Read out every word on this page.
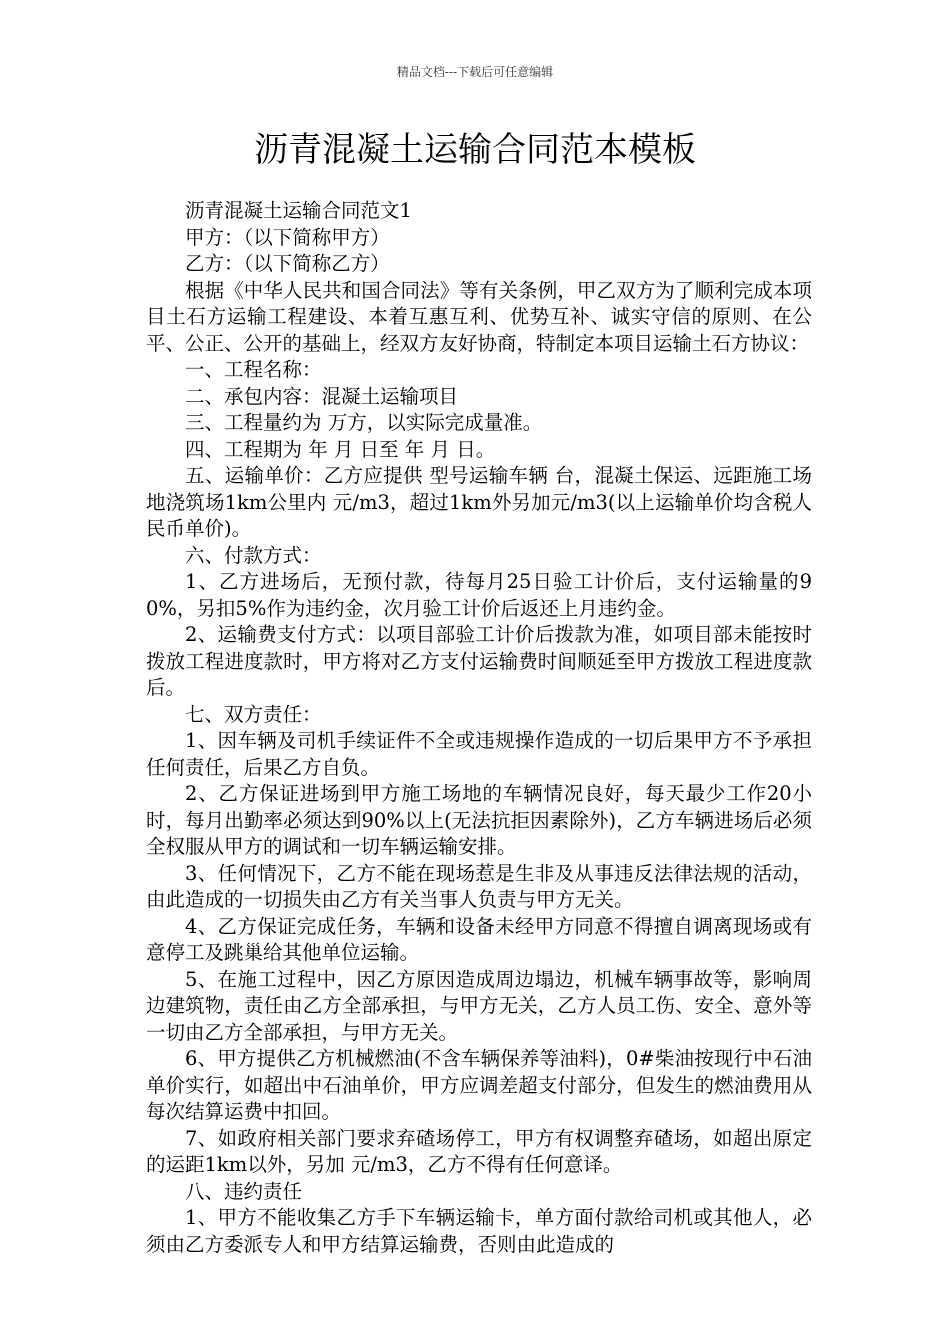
精品文档---下载后可任意编辑
沥青混凝土运输合同范本模板

沥青混凝土运输合同范文1

甲方：（以下简称甲方）

乙方：（以下简称乙方）

根据《中华人民共和国合同法》等有关条例，甲乙双方为了顺利完成本项目土石方运输工程建设、本着互惠互利、优势互补、诚实守信的原则、在公平、公正、公开的基础上，经双方友好协商，特制定本项目运输土石方协议：

一、工程名称：

二、承包内容：混凝土运输项目

三、工程量约为 万方，以实际完成量准。

四、工程期为 年 月 日至 年 月 日。

五、运输单价：乙方应提供 型号运输车辆 台，混凝土保运、远距施工场地浇筑场1km公里内 元/m3，超过1km外另加元/m3(以上运输单价均含税人民币单价)。

六、付款方式：

1、乙方进场后，无预付款，待每月25日验工计价后，支付运输量的90%，另扣5%作为违约金，次月验工计价后返还上月违约金。

2、运输费支付方式：以项目部验工计价后拨款为准，如项目部未能按时拨放工程进度款时，甲方将对乙方支付运输费时间顺延至甲方拨放工程进度款后。

七、双方责任：

1、因车辆及司机手续证件不全或违规操作造成的一切后果甲方不予承担任何责任，后果乙方自负。

2、乙方保证进场到甲方施工场地的车辆情况良好，每天最少工作20小时，每月出勤率必须达到90%以上(无法抗拒因素除外)，乙方车辆进场后必须全权服从甲方的调试和一切车辆运输安排。

3、任何情况下，乙方不能在现场惹是生非及从事违反法律法规的活动，由此造成的一切损失由乙方有关当事人负责与甲方无关。

4、乙方保证完成任务，车辆和设备未经甲方同意不得擅自调离现场或有意停工及跳巢给其他单位运输。

5、在施工过程中，因乙方原因造成周边塌边，机械车辆事故等，影响周边建筑物，责任由乙方全部承担，与甲方无关，乙方人员工伤、安全、意外等一切由乙方全部承担，与甲方无关。

6、甲方提供乙方机械燃油(不含车辆保养等油料)，0#柴油按现行中石油单价实行，如超出中石油单价，甲方应调差超支付部分，但发生的燃油费用从每次结算运费中扣回。

7、如政府相关部门要求弃碴场停工，甲方有权调整弃碴场，如超出原定的运距1km以外，另加 元/m3，乙方不得有任何意译。

八、违约责任

1、甲方不能收集乙方手下车辆运输卡，单方面付款给司机或其他人，必须由乙方委派专人和甲方结算运输费，否则由此造成的
